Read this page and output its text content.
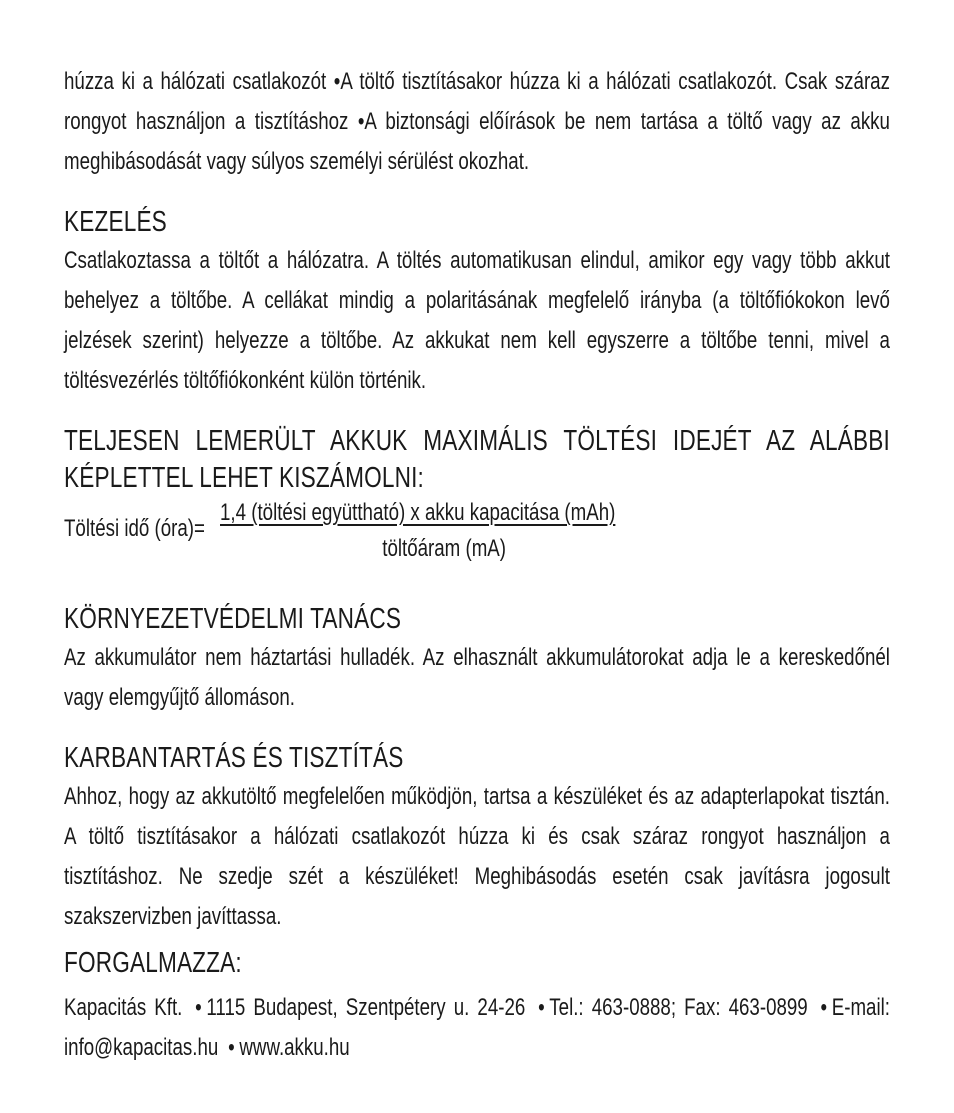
húzza ki a hálózati csatlakozót •A töltő tisztításakor húzza ki a hálózati csatlakozót. Csak száraz rongyot használjon a tisztításhoz •A biztonsági előírások be nem tartása a töltő vagy az akku meghibásodását vagy súlyos személyi sérülést okozhat.

KEZELÉS

Csatlakoztassa a töltőt a hálózatra. A töltés automatikusan elindul, amikor egy vagy több akkut behelyez a töltőbe. A cellákat mindig a polaritásának megfelelő irányba (a töltőfiókokon levő jelzések szerint) helyezze a töltőbe. Az akkukat nem kell egyszerre a töltőbe tenni, mivel a töltésvezérlés töltőfiókonként külön történik.

TELJESEN LEMERÜLT AKKUK MAXIMÁLIS TÖLTÉSI IDEJÉT AZ ALÁBBI KÉPLETTEL LEHET KISZÁMOLNI:
Töltési idő (óra)=
1,4 (töltési együttható) x akku kapacitása (mAh)
töltőáram (mA)
KÖRNYEZETVÉDELMI TANÁCS

Az akkumulátor nem háztartási hulladék. Az elhasznált akkumulátorokat adja le a kereskedőnél vagy elemgyűjtő állomáson.

KARBANTARTÁS ÉS TISZTÍTÁS

Ahhoz, hogy az akkutöltő megfelelően működjön, tartsa a készüléket és az adapterlapokat tisztán. A töltő tisztításakor a hálózati csatlakozót húzza ki és csak száraz rongyot használjon a tisztításhoz. Ne szedje szét a készüléket! Meghibásodás esetén csak javításra jogosult szakszervizben javíttassa.

FORGALMAZZA:

Kapacitás Kft. • 1115 Budapest, Szentpétery u. 24-26 • Tel.: 463-0888; Fax: 463-0899 • E-mail: info@kapacitas.hu • www.akku.hu
